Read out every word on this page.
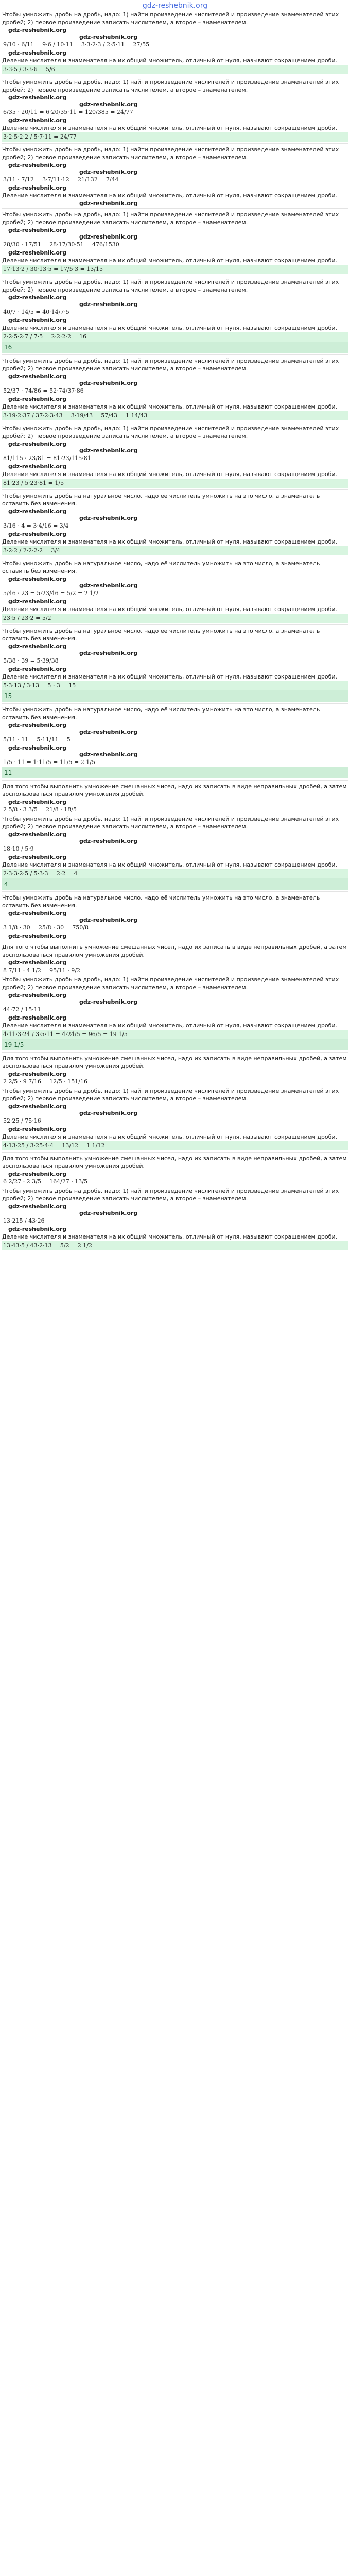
gdz-reshebnik.org

Чтобы умножить дробь на дробь, надо: 1) найти произведение числителей и произведение знаменателей этих дробей; 2) первое произведение записать числителем, а второе – знаменателем.

gdz-reshebnik.org
gdz-reshebnik.org
9/10 · 6/11 = 9·6 / 10·11 = 3·3·2·3 / 2·5·11 = 27/55
gdz-reshebnik.org

Деление числителя и знаменателя на их общий множитель, отличный от нуля, называют сокращением дроби.

3·3·5 / 3·3·6 = 5/6

Чтобы умножить дробь на дробь, надо: 1) найти произведение числителей и произведение знаменателей этих дробей; 2) первое произведение записать числителем, а второе – знаменателем.

gdz-reshebnik.org
gdz-reshebnik.org
6/35 · 20/11 = 6·20/35·11 = 120/385 = 24/77
gdz-reshebnik.org

Деление числителя и знаменателя на их общий множитель, отличный от нуля, называют сокращением дроби.

3·2·5·2·2 / 5·7·11 = 24/77

Чтобы умножить дробь на дробь, надо: 1) найти произведение числителей и произведение знаменателей этих дробей; 2) первое произведение записать числителем, а второе – знаменателем.

gdz-reshebnik.org
gdz-reshebnik.org
3/11 · 7/12 = 3·7/11·12 = 21/132 = 7/44
gdz-reshebnik.org

Деление числителя и знаменателя на их общий множитель, отличный от нуля, называют сокращением дроби.

gdz-reshebnik.org

Чтобы умножить дробь на дробь, надо: 1) найти произведение числителей и произведение знаменателей этих дробей; 2) первое произведение записать числителем, а второе – знаменателем.

gdz-reshebnik.org
gdz-reshebnik.org
28/30 · 17/51 = 28·17/30·51 = 476/1530
gdz-reshebnik.org

Деление числителя и знаменателя на их общий множитель, отличный от нуля, называют сокращением дроби.

17·13·2 / 30·13·5 = 17/5·3 = 13/15

Чтобы умножить дробь на дробь, надо: 1) найти произведение числителей и произведение знаменателей этих дробей; 2) первое произведение записать числителем, а второе – знаменателем.

gdz-reshebnik.org
gdz-reshebnik.org
40/7 · 14/5 = 40·14/7·5
gdz-reshebnik.org

Деление числителя и знаменателя на их общий множитель, отличный от нуля, называют сокращением дроби.

2·2·5·2·7 / 7·5 = 2·2·2·2 = 16
16

Чтобы умножить дробь на дробь, надо: 1) найти произведение числителей и произведение знаменателей этих дробей; 2) первое произведение записать числителем, а второе – знаменателем.

gdz-reshebnik.org
gdz-reshebnik.org
52/37 · 74/86 = 52·74/37·86
gdz-reshebnik.org

Деление числителя и знаменателя на их общий множитель, отличный от нуля, называют сокращением дроби.

3·19·2·37 / 37·2·3·43 = 3·19/43 = 57/43 = 1 14/43

Чтобы умножить дробь на дробь, надо: 1) найти произведение числителей и произведение знаменателей этих дробей; 2) первое произведение записать числителем, а второе – знаменателем.

gdz-reshebnik.org
gdz-reshebnik.org
81/115 · 23/81 = 81·23/115·81
gdz-reshebnik.org

Деление числителя и знаменателя на их общий множитель, отличный от нуля, называют сокращением дроби.

81·23 / 5·23·81 = 1/5

Чтобы умножить дробь на натуральное число, надо её числитель умножить на это число, а знаменатель оставить без изменения.

gdz-reshebnik.org
gdz-reshebnik.org
3/16 · 4 = 3·4/16 = 3/4
gdz-reshebnik.org

Деление числителя и знаменателя на их общий множитель, отличный от нуля, называют сокращением дроби.

3·2·2 / 2·2·2·2 = 3/4

Чтобы умножить дробь на натуральное число, надо её числитель умножить на это число, а знаменатель оставить без изменения.

gdz-reshebnik.org
gdz-reshebnik.org
5/46 · 23 = 5·23/46 = 5/2 = 2 1/2
gdz-reshebnik.org

Деление числителя и знаменателя на их общий множитель, отличный от нуля, называют сокращением дроби.

23·5 / 23·2 = 5/2

Чтобы умножить дробь на натуральное число, надо её числитель умножить на это число, а знаменатель оставить без изменения.

gdz-reshebnik.org
gdz-reshebnik.org
5/38 · 39 = 5·39/38
gdz-reshebnik.org

Деление числителя и знаменателя на их общий множитель, отличный от нуля, называют сокращением дроби.

5·3·13 / 3·13 = 5 · 3 = 15
15

Чтобы умножить дробь на натуральное число, надо её числитель умножить на это число, а знаменатель оставить без изменения.

gdz-reshebnik.org
gdz-reshebnik.org
5/11 · 11 = 5·11/11 = 5
gdz-reshebnik.org
gdz-reshebnik.org
1/5 · 11 = 1·11/5 = 11/5 = 2 1/5
11

Для того чтобы выполнить умножение смешанных чисел, надо их записать в виде неправильных дробей, а затем воспользоваться правилом умножения дробей.

gdz-reshebnik.org
2 5/8 · 3 3/5 = 21/8 · 18/5

Чтобы умножить дробь на дробь, надо: 1) найти произведение числителей и произведение знаменателей этих дробей; 2) первое произведение записать числителем, а второе – знаменателем.

gdz-reshebnik.org
gdz-reshebnik.org
18·10 / 5·9
gdz-reshebnik.org

Деление числителя и знаменателя на их общий множитель, отличный от нуля, называют сокращением дроби.

2·3·3·2·5 / 5·3·3 = 2·2 = 4
4

Чтобы умножить дробь на натуральное число, надо её числитель умножить на это число, а знаменатель оставить без изменения.

gdz-reshebnik.org
gdz-reshebnik.org
3 1/8 · 30 = 25/8 · 30 = 750/8
gdz-reshebnik.org

Для того чтобы выполнить умножение смешанных чисел, надо их записать в виде неправильных дробей, а затем воспользоваться правилом умножения дробей.

gdz-reshebnik.org
8 7/11 · 4 1/2 = 95/11 · 9/2

Чтобы умножить дробь на дробь, надо: 1) найти произведение числителей и произведение знаменателей этих дробей; 2) первое произведение записать числителем, а второе – знаменателем.

gdz-reshebnik.org
gdz-reshebnik.org
44·72 / 15·11
gdz-reshebnik.org

Деление числителя и знаменателя на их общий множитель, отличный от нуля, называют сокращением дроби.

4·11·3·24 / 3·5·11 = 4·24/5 = 96/5 = 19 1/5
19 1/5

Для того чтобы выполнить умножение смешанных чисел, надо их записать в виде неправильных дробей, а затем воспользоваться правилом умножения дробей.

gdz-reshebnik.org
2 2/5 · 9 7/16 = 12/5 · 151/16

Чтобы умножить дробь на дробь, надо: 1) найти произведение числителей и произведение знаменателей этих дробей; 2) первое произведение записать числителем, а второе – знаменателем.

gdz-reshebnik.org
gdz-reshebnik.org
52·25 / 75·16
gdz-reshebnik.org

Деление числителя и знаменателя на их общий множитель, отличный от нуля, называют сокращением дроби.

4·13·25 / 3·25·4·4 = 13/12 = 1 1/12

Для того чтобы выполнить умножение смешанных чисел, надо их записать в виде неправильных дробей, а затем воспользоваться правилом умножения дробей.

gdz-reshebnik.org
6 2/27 · 2 3/5 = 164/27 · 13/5

Чтобы умножить дробь на дробь, надо: 1) найти произведение числителей и произведение знаменателей этих дробей; 2) первое произведение записать числителем, а второе – знаменателем.

gdz-reshebnik.org
gdz-reshebnik.org
13·215 / 43·26
gdz-reshebnik.org

Деление числителя и знаменателя на их общий множитель, отличный от нуля, называют сокращением дроби.

13·43·5 / 43·2·13 = 5/2 = 2 1/2
